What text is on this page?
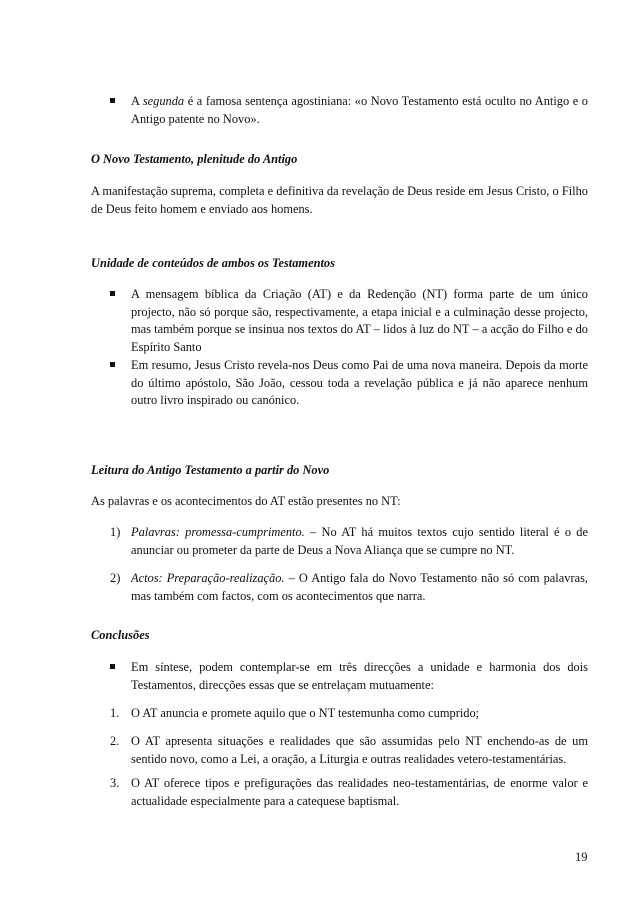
A segunda é a famosa sentença agostiniana: «o Novo Testamento está oculto no Antigo e o Antigo patente no Novo».
O Novo Testamento, plenitude do Antigo
A manifestação suprema, completa e definitiva da revelação de Deus reside em Jesus Cristo, o Filho de Deus feito homem e enviado aos homens.
Unidade de conteúdos de ambos os Testamentos
A mensagem bíblica da Criação (AT) e da Redenção (NT) forma parte de um único projecto, não só porque são, respectivamente, a etapa inicial e a culminação desse projecto, mas também porque se insinua nos textos do AT – lidos à luz do NT – a acção do Filho e do Espírito Santo
Em resumo, Jesus Cristo revela-nos Deus como Pai de uma nova maneira. Depois da morte do último apóstolo, São João, cessou toda a revelação pública e já não aparece nenhum outro livro inspirado ou canónico.
Leitura do Antigo Testamento a partir do Novo
As palavras e os acontecimentos do AT estão presentes no NT:
1) Palavras: promessa-cumprimento. – No AT há muitos textos cujo sentido literal é o de anunciar ou prometer da parte de Deus a Nova Aliança que se cumpre no NT.
2) Actos: Preparação-realização. – O Antigo fala do Novo Testamento não só com palavras, mas também com factos, com os acontecimentos que narra.
Conclusões
Em síntese, podem contemplar-se em três direcções a unidade e harmonia dos dois Testamentos, direcções essas que se entrelaçam mutuamente:
1. O AT anuncia e promete aquilo que o NT testemunha como cumprido;
2. O AT apresenta situações e realidades que são assumidas pelo NT enchendo-as de um sentido novo, como a Lei, a oração, a Liturgia e outras realidades vetero-testamentárias.
3. O AT oferece tipos e prefigurações das realidades neo-testamentárias, de enorme valor e actualidade especialmente para a catequese baptismal.
19
